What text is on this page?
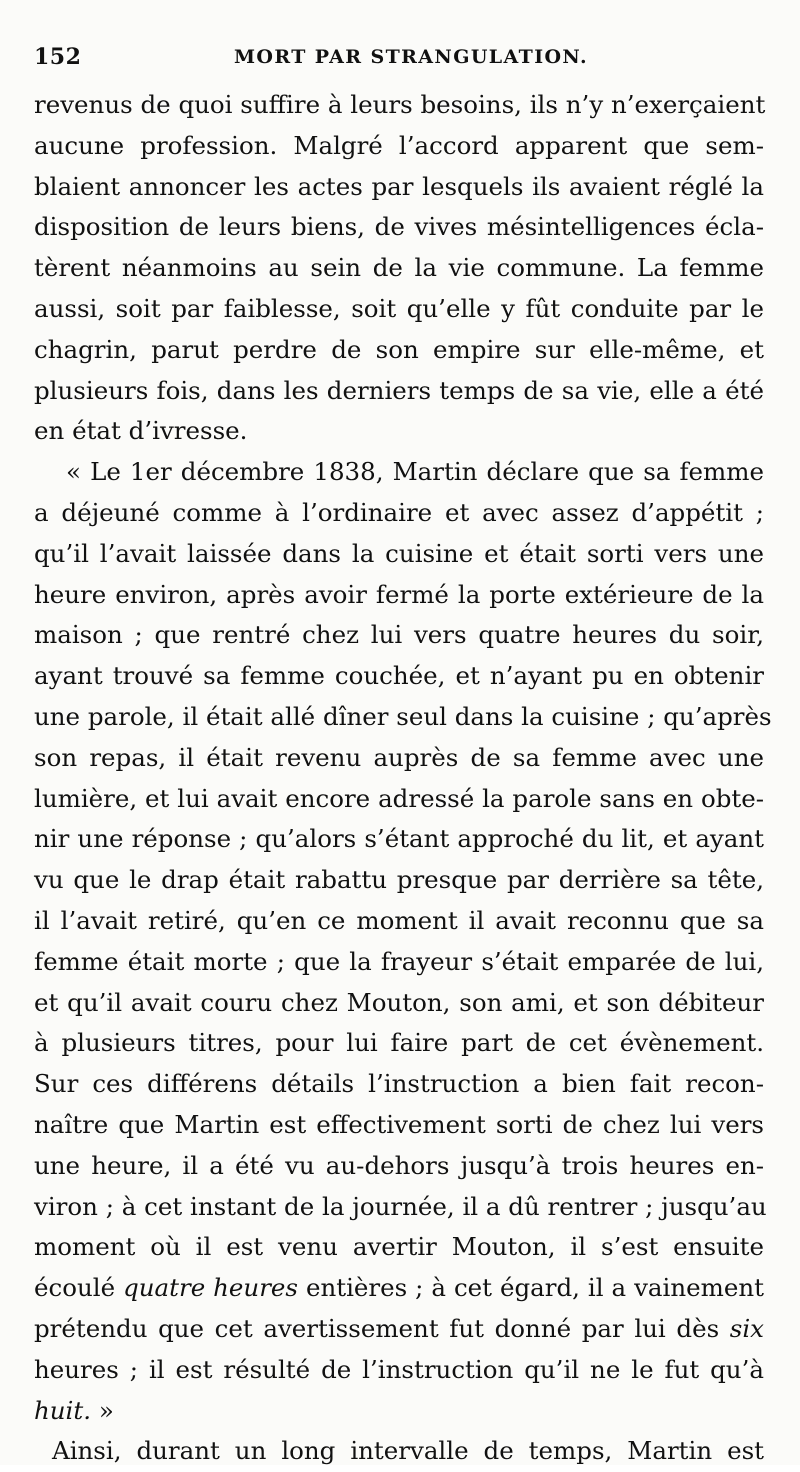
152	MORT PAR STRANGULATION.
revenus de quoi suffire à leurs besoins, ils n’y n’exerçaient
aucune profession. Malgré l’accord apparent que sem-
blaient annoncer les actes par lesquels ils avaient réglé la
disposition de leurs biens, de vives mésintelligences écla-
tèrent néanmoins au sein de la vie commune. La femme
aussi, soit par faiblesse, soit qu’elle y fût conduite par le
chagrin, parut perdre de son empire sur elle-même, et
plusieurs fois, dans les derniers temps de sa vie, elle a été
en état d’ivresse.
« Le 1er décembre 1838, Martin déclare que sa femme
a déjeuné comme à l’ordinaire et avec assez d’appétit ;
qu’il l’avait laissée dans la cuisine et était sorti vers une
heure environ, après avoir fermé la porte extérieure de la
maison ; que rentré chez lui vers quatre heures du soir,
ayant trouvé sa femme couchée, et n’ayant pu en obtenir
une parole, il était allé dîner seul dans la cuisine ; qu’après
son repas, il était revenu auprès de sa femme avec une
lumière, et lui avait encore adressé la parole sans en obte-
nir une réponse ; qu’alors s’étant approché du lit, et ayant
vu que le drap était rabattu presque par derrière sa tête,
il l’avait retiré, qu’en ce moment il avait reconnu que sa
femme était morte ; que la frayeur s’était emparée de lui,
et qu’il avait couru chez Mouton, son ami, et son débiteur
à plusieurs titres, pour lui faire part de cet évènement.
Sur ces différens détails l’instruction a bien fait recon-
naître que Martin est effectivement sorti de chez lui vers
une heure, il a été vu au-dehors jusqu’à trois heures en-
viron ; à cet instant de la journée, il a dû rentrer ; jusqu’au
moment où il est venu avertir Mouton, il s’est ensuite
écoulé quatre heures entières ; à cet égard, il a vainement
prétendu que cet avertissement fut donné par lui dès six
heures ; il est résulté de l’instruction qu’il ne le fut qu’à
huit. »
Ainsi, durant un long intervalle de temps, Martin est
